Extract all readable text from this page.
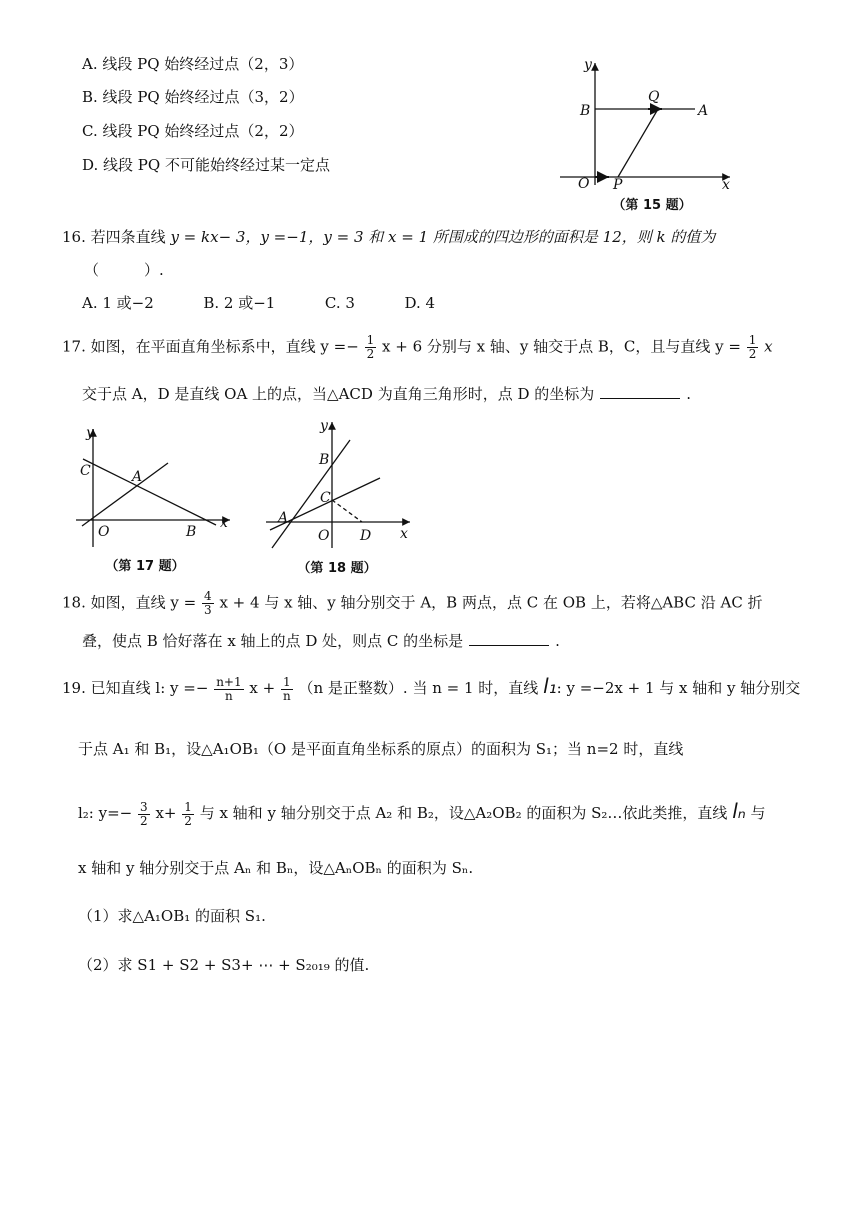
A. 线段 PQ 始终经过点（2，3）
B. 线段 PQ 始终经过点（3，2）
C. 线段 PQ 始终经过点（2，2）
D. 线段 PQ 不可能始终经过某一定点
y
x
B
Q
A
O P
（第 15 题）
16. 若四条直线 y = kx− 3，y =−1，y = 3 和 x = 1 所围成的四边形的面积是 12，则 k 的值为
（　　　）.
A. 1 或−2	B. 2 或−1	C. 3	D. 4
17. 如图，在平面直角坐标系中，直线 $y =- \frac{1}{2}$ x + 6 分别与 x 轴、y 轴交于点 B，C，且与直线 $y = \frac{1}{2}$ x
交于点 A，D 是直线 OA 上的点，当△ACD 为直角三角形时，点 D 的坐标为	.
y
x
C	A
O	B
（第 17 题）
y
x
B
C
A
O D
（第 18 题）
18. 如图，直线 $y = \frac{4}{3}$ x + 4 与 x 轴、y 轴分别交于 A，B 两点，点 C 在 OB 上，若将△ABC 沿 AC 折
叠，使点 B 恰好落在 x 轴上的点 D 处，则点 C 的坐标是	.
19. 已知直线 l: $y =- \frac{n+1}{n}$ $x + \frac{1}{n} (n$ 是正整数）. 当 n = 1 时，直线 l₁: y =−2x + 1 与 x 轴和 y 轴分别交
于点 A₁ 和 B₁，设△A₁OB₁（O 是平面直角坐标系的原点）的面积为 S₁；当 n=2 时，直线
l₂: $y=- \frac{3}{2} x+ \frac{1}{2}$ 与 x 轴和 y 轴分别交于点 A₂ 和 B₂，设△A₂OB₂ 的面积为 S₂…依此类推，直线 lₙ 与
x 轴和 y 轴分别交于点 Aₙ 和 Bₙ，设△AₙOBₙ 的面积为 Sₙ.
（1）求△A₁OB₁ 的面积 S₁.
（2）求 S1 + S2 + S3+ ⋯ + S₂₀₁₉ 的值.
